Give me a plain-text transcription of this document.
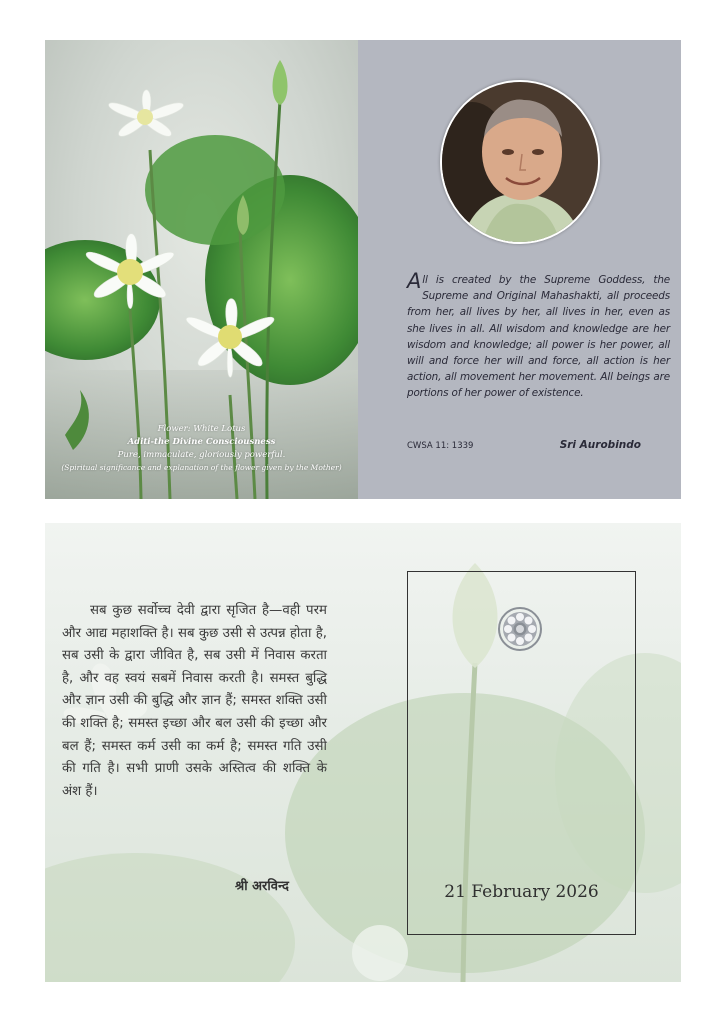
Flower: White Lotus
Aditi-the Divine Consciousness
Pure, immaculate, gloriously powerful.
(Spiritual significance and explanation of the flower given by the Mother)

All is created by the Supreme Goddess, the Supreme and Original Mahashakti, all proceeds from her, all lives by her, all lives in her, even as she lives in all. All wisdom and knowledge are her wisdom and knowledge; all power is her power, all will and force her will and force, all action is her action, all movement her movement. All beings are portions of her power of existence.

CWSA 11: 1339	Sri Aurobindo

सब कुछ सर्वोच्च देवी द्वारा सृजित है—वही परम और आद्य महाशक्ति है। सब कुछ उसी से उत्पन्न होता है, सब उसी के द्वारा जीवित है, सब उसी में निवास करता है, और वह स्वयं सबमें निवास करती है। समस्त बुद्धि और ज्ञान उसी की बुद्धि और ज्ञान हैं; समस्त शक्ति उसी की शक्ति है; समस्त इच्छा और बल उसी की इच्छा और बल हैं; समस्त कर्म उसी का कर्म है; समस्त गति उसी की गति है। सभी प्राणी उसके अस्तित्व की शक्ति के अंश हैं।

श्री अरविन्द	21 February 2026
